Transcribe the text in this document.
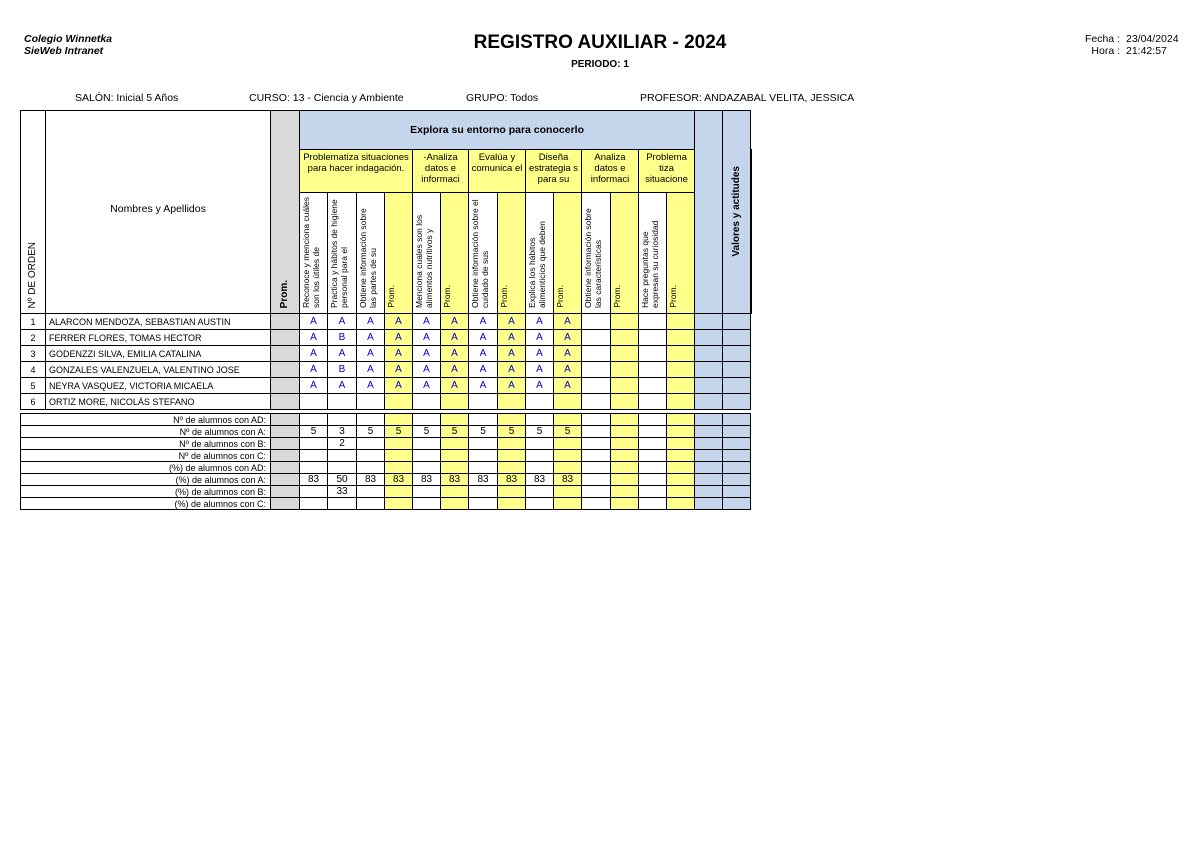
Colegio Winnetka
SieWeb Intranet	REGISTRO AUXILIAR - 2024
PERIODO: 1
Fecha : 23/04/2024
Hora : 21:42:57
SALÓN: Inicial 5 Años	CURSO: 13 - Ciencia y Ambiente	GRUPO: Todos	PROFESOR: ANDAZABAL VELITA, JESSICA
Nº DE ORDEN	Nombres y Apellidos	Prom.	Explora su entorno para conocerlo															Valores y actitudes	
			Problematiza situaciones para hacer indagación.				-Analiza datos e informaci		Evalúa y comunica el		Diseña estrategia s para su		Analiza datos e informaci		Problema tiza situacione	
			Reconoce y menciona cuáles son los útiles de	Practica y hábitos de higiene personal para el	Obtiene información sobre las partes de su	Prom.	Menciona cuales son los alimentos nutritivos y	Prom.	Obtiene información sobre el cuidado de sus	Prom.	Explica los hábitos alimenticios que deben	Prom.	Obtiene información sobre las características	Prom.	Hace preguntas que expresan su curiosidad	Prom.			
1	ALARCON MENDOZA, SEBASTIAN AUSTIN		A	A	A	A	A	A	A	A	A	A							
2	FERRER FLORES, TOMAS HECTOR		A	B	A	A	A	A	A	A	A	A							
3	GODENZZI SILVA, EMILIA CATALINA		A	A	A	A	A	A	A	A	A	A							
4	GONZALES VALENZUELA, VALENTINO JOSE		A	B	A	A	A	A	A	A	A	A							
5	NEYRA VASQUEZ, VICTORIA MICAELA		A	A	A	A	A	A	A	A	A	A							
6	ORTIZ MORE, NICOLÁS STEFANO																		

Nº de alumnos con AD:																			
Nº de alumnos con A:			5	3	5	5	5	5	5	5	5	5							
Nº de alumnos con B:				2															
Nº de alumnos con C:																			
(%) de alumnos con AD:																			
(%) de alumnos con A:			83	50	83	83	83	83	83	83	83	83							
(%) de alumnos con B:				33															
(%) de alumnos con C:																			
